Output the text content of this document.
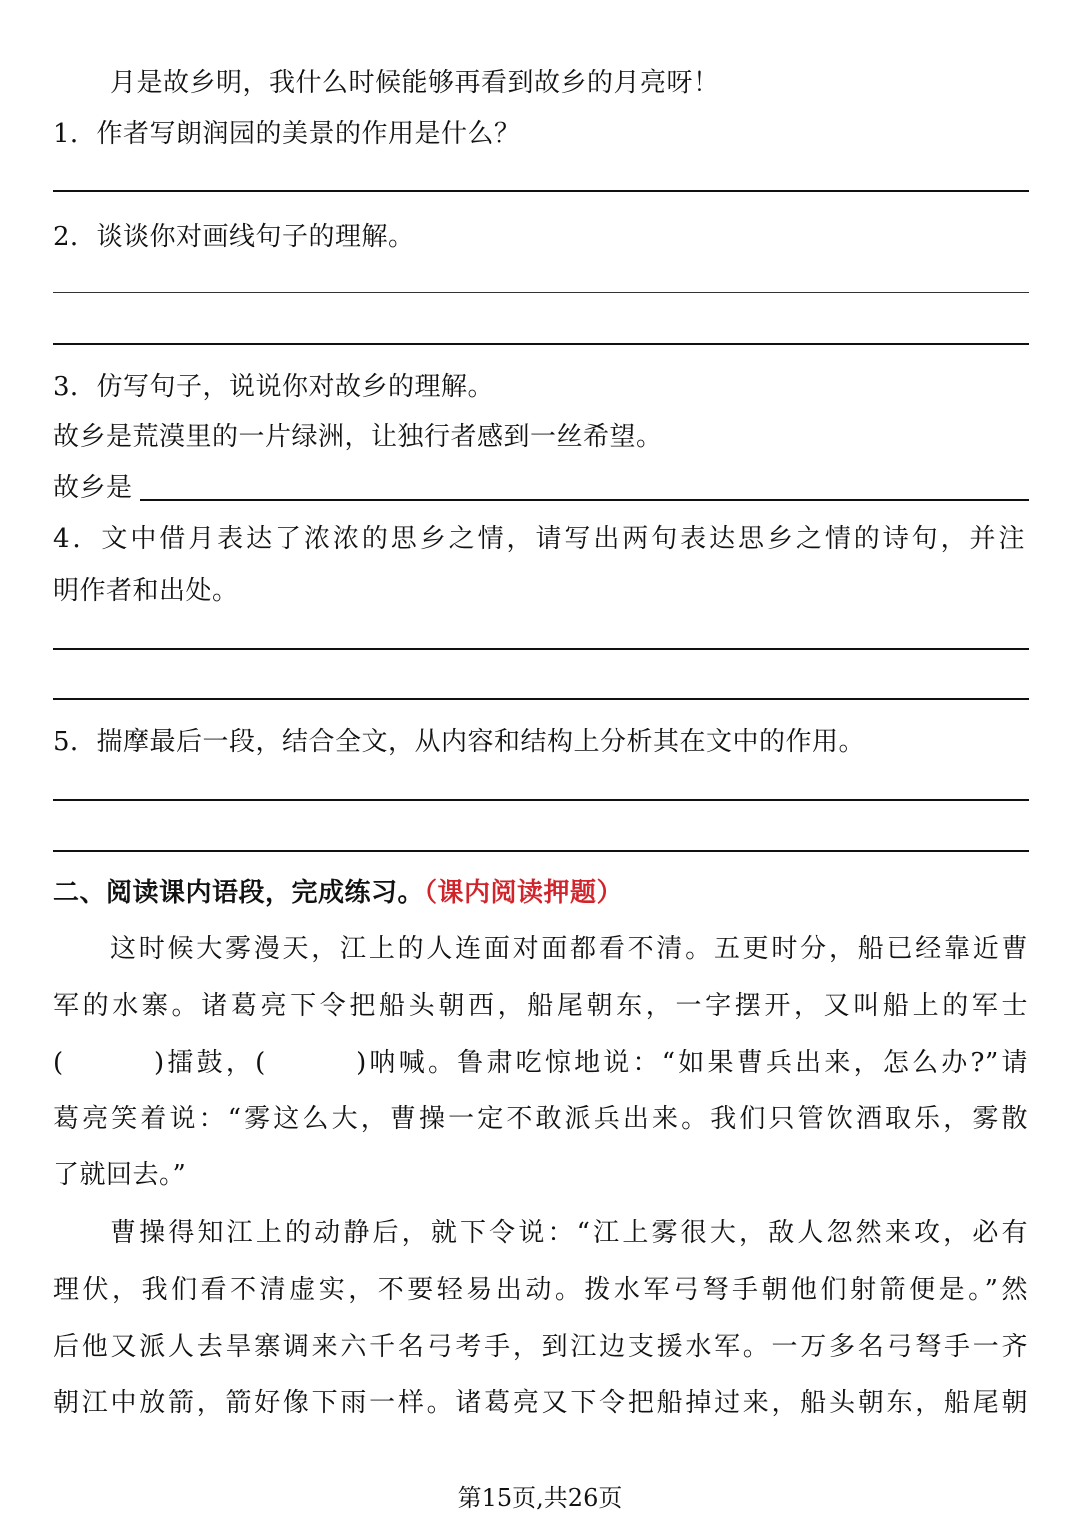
月是故乡明，我什么时候能够再看到故乡的月亮呀！
1．作者写朗润园的美景的作用是什么？
2．谈谈你对画线句子的理解。
3．仿写句子，说说你对故乡的理解。
故乡是荒漠里的一片绿洲，让独行者感到一丝希望。
故乡是
4．文中借月表达了浓浓的思乡之情，请写出两句表达思乡之情的诗句，并注
明作者和出处。
5．揣摩最后一段，结合全文，从内容和结构上分析其在文中的作用。
二、阅读课内语段，完成练习。（课内阅读押题）
这时候大雾漫天，江上的人连面对面都看不清。五更时分，船已经靠近曹
军的水寨。诸葛亮下令把船头朝西，船尾朝东，一字摆开，又叫船上的军士
(　　　)擂鼓，(　　　)呐喊。鲁肃吃惊地说：“如果曹兵出来，怎么办?”请
葛亮笑着说：“雾这么大，曹操一定不敢派兵出来。我们只管饮酒取乐，雾散
了就回去。”
曹操得知江上的动静后，就下令说：“江上雾很大，敌人忽然来攻，必有
理伏，我们看不清虚实，不要轻易出动。拨水军弓弩手朝他们射箭便是。”然
后他又派人去旱寨调来六千名弓考手，到江边支援水军。一万多名弓弩手一齐
朝江中放箭，箭好像下雨一样。诸葛亮又下令把船掉过来，船头朝东，船尾朝
第15页,共26页
